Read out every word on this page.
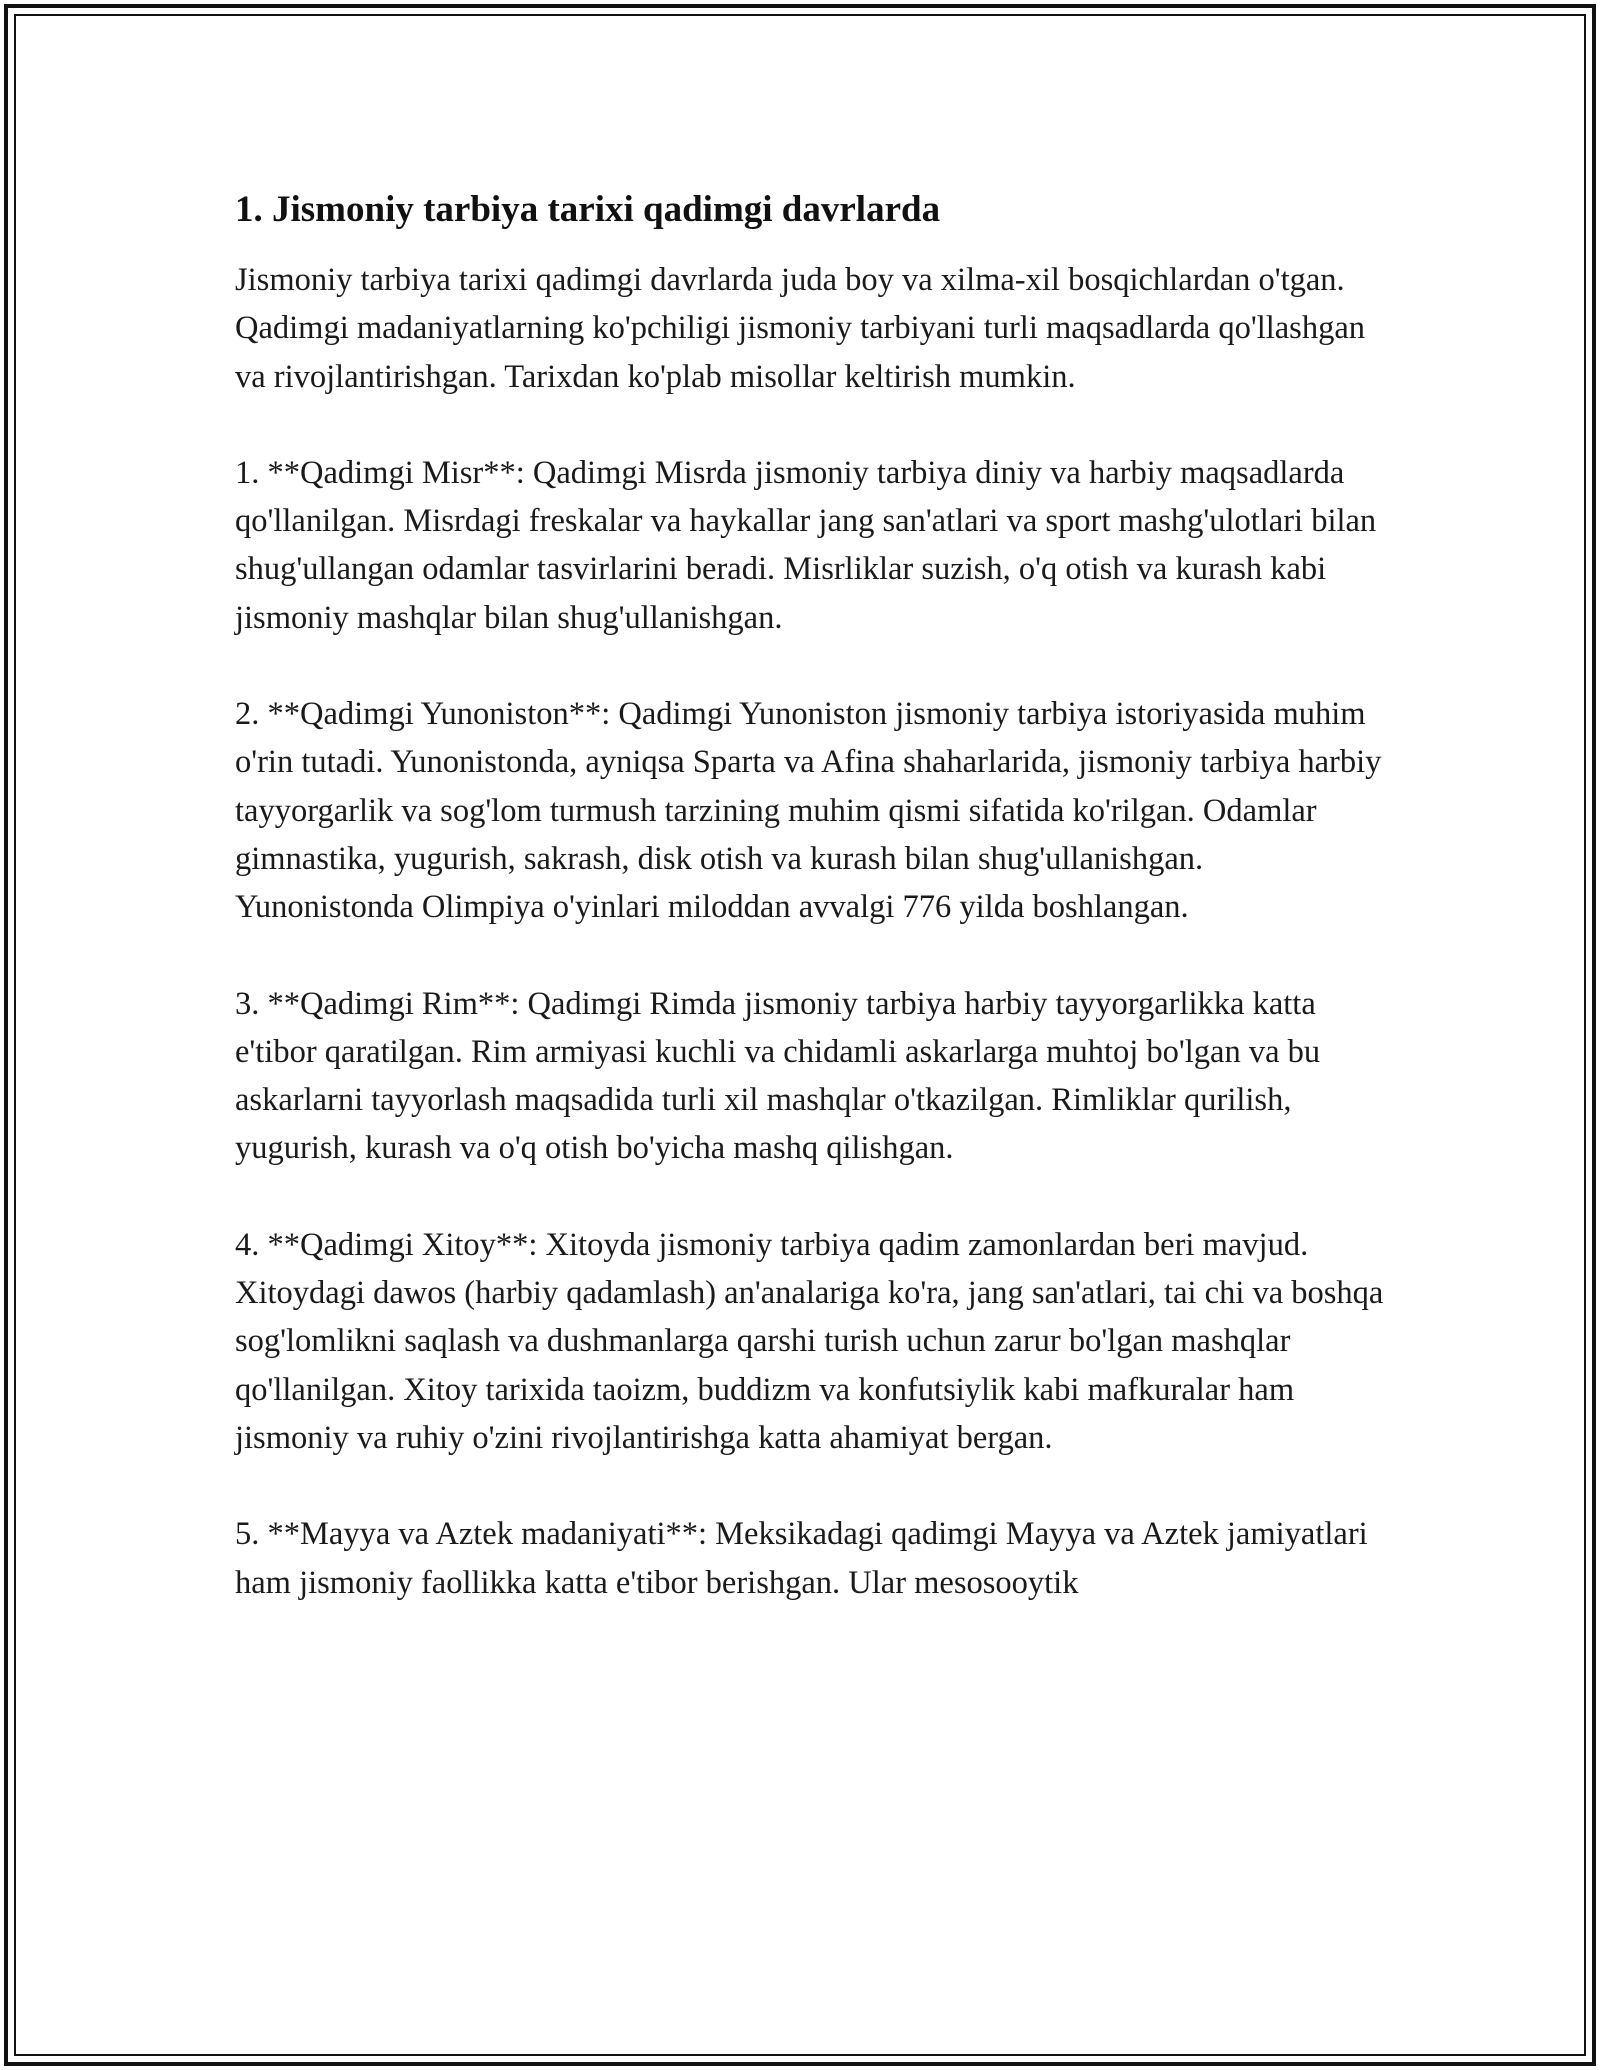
1. Jismoniy tarbiya tarixi qadimgi davrlarda

Jismoniy tarbiya tarixi qadimgi davrlarda juda boy va xilma-xil bosqichlardan o'tgan. Qadimgi madaniyatlarning ko'pchiligi jismoniy tarbiyani turli maqsadlarda qo'llashgan va rivojlantirishgan. Tarixdan ko'plab misollar keltirish mumkin.

1. **Qadimgi Misr**: Qadimgi Misrda jismoniy tarbiya diniy va harbiy maqsadlarda qo'llanilgan. Misrdagi freskalar va haykallar jang san'atlari va sport mashg'ulotlari bilan shug'ullangan odamlar tasvirlarini beradi. Misrliklar suzish, o'q otish va kurash kabi jismoniy mashqlar bilan shug'ullanishgan.

2. **Qadimgi Yunoniston**: Qadimgi Yunoniston jismoniy tarbiya istoriyasida muhim o'rin tutadi. Yunonistonda, ayniqsa Sparta va Afina shaharlarida, jismoniy tarbiya harbiy tayyorgarlik va sog'lom turmush tarzining muhim qismi sifatida ko'rilgan. Odamlar gimnastika, yugurish, sakrash, disk otish va kurash bilan shug'ullanishgan. Yunonistonda Olimpiya o'yinlari miloddan avvalgi 776 yilda boshlangan.

3. **Qadimgi Rim**: Qadimgi Rimda jismoniy tarbiya harbiy tayyorgarlikka katta e'tibor qaratilgan. Rim armiyasi kuchli va chidamli askarlarga muhtoj bo'lgan va bu askarlarni tayyorlash maqsadida turli xil mashqlar o'tkazilgan. Rimliklar qurilish, yugurish, kurash va o'q otish bo'yicha mashq qilishgan.

4. **Qadimgi Xitoy**: Xitoyda jismoniy tarbiya qadim zamonlardan beri mavjud. Xitoydagi dawos (harbiy qadamlash) an'analariga ko'ra, jang san'atlari, tai chi va boshqa sog'lomlikni saqlash va dushmanlarga qarshi turish uchun zarur bo'lgan mashqlar qo'llanilgan. Xitoy tarixida taoizm, buddizm va konfutsiylik kabi mafkuralar ham jismoniy va ruhiy o'zini rivojlantirishga katta ahamiyat bergan.

5. **Mayya va Aztek madaniyati**: Meksikadagi qadimgi Mayya va Aztek jamiyatlari ham jismoniy faollikka katta e'tibor berishgan. Ular mesosooytik
